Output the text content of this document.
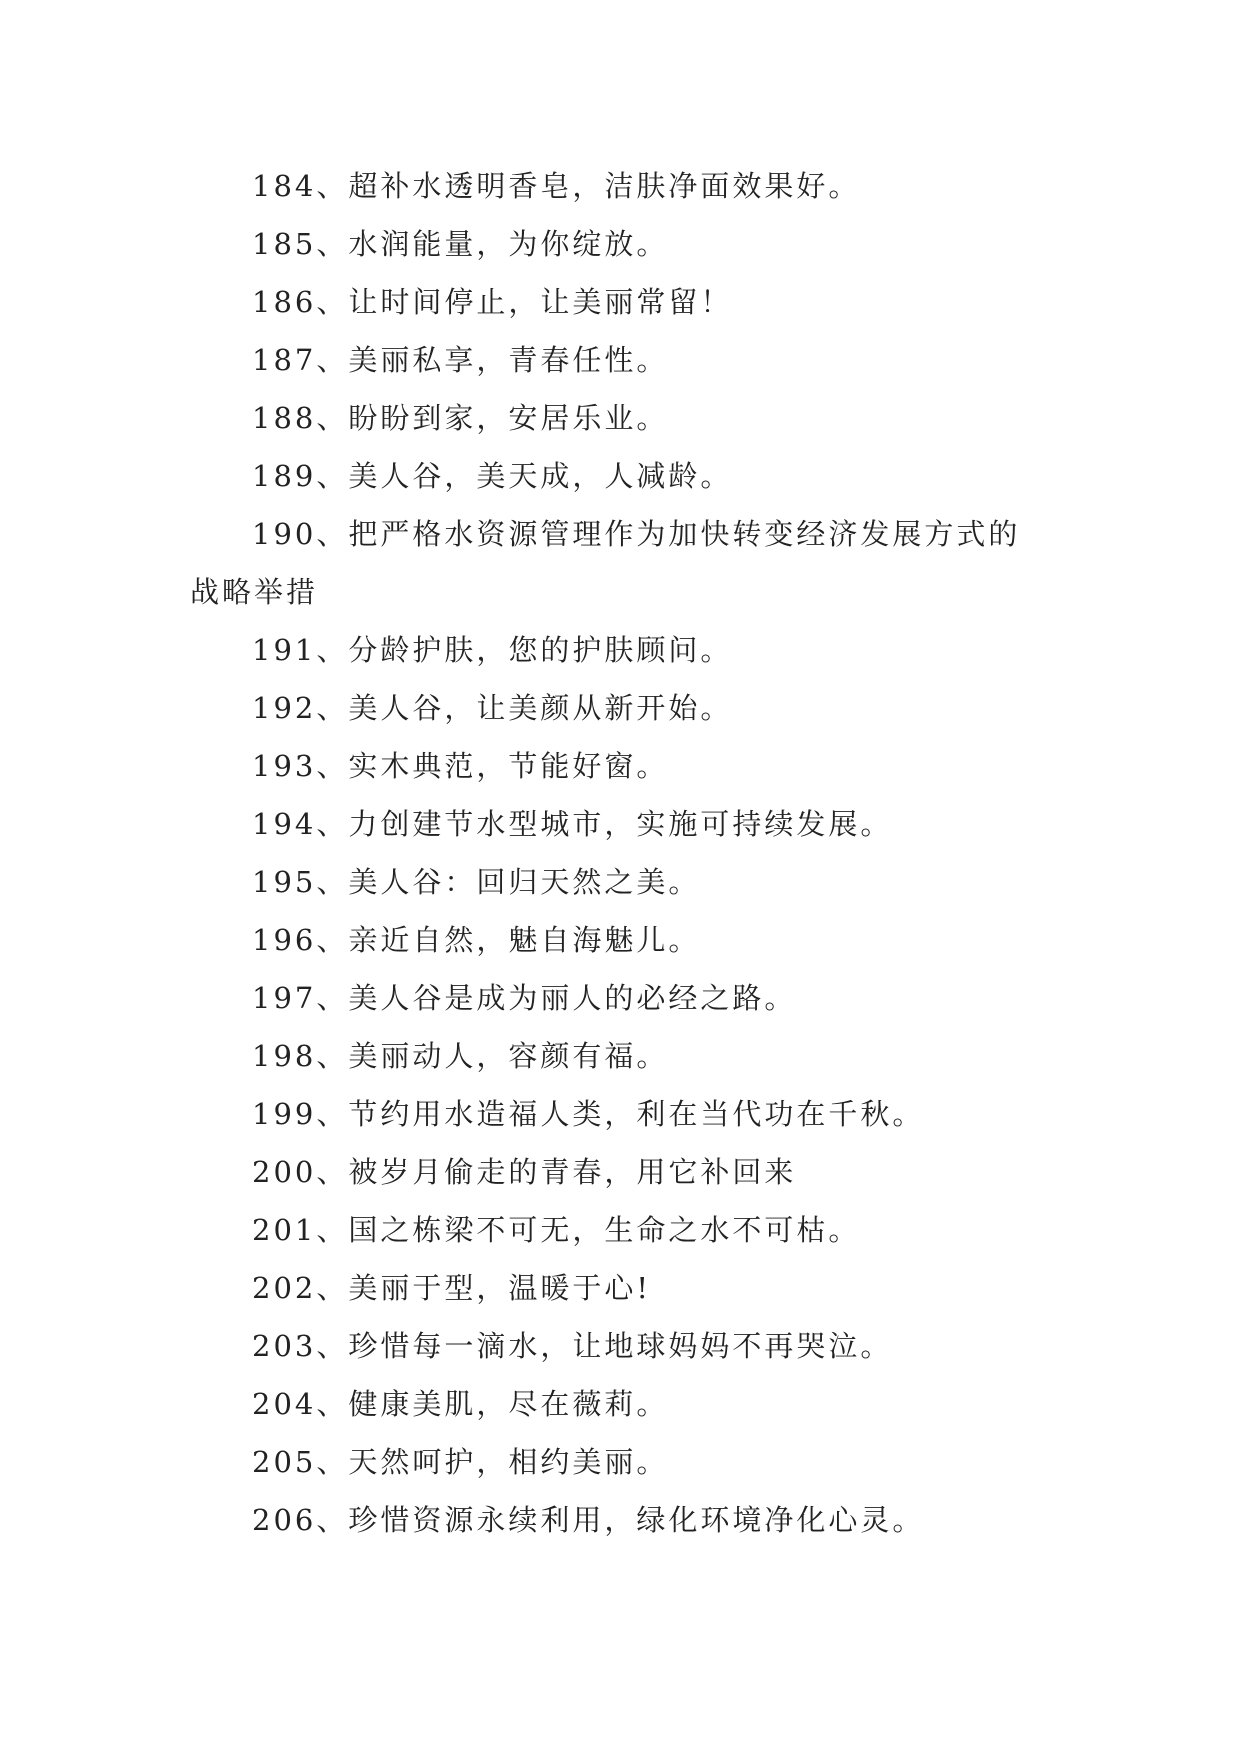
184、超补水透明香皂，洁肤净面效果好。
185、水润能量，为你绽放。
186、让时间停止，让美丽常留！
187、美丽私享，青春任性。
188、盼盼到家，安居乐业。
189、美人谷，美天成，人减龄。
190、把严格水资源管理作为加快转变经济发展方式的
战略举措
191、分龄护肤，您的护肤顾问。
192、美人谷，让美颜从新开始。
193、实木典范，节能好窗。
194、力创建节水型城市，实施可持续发展。
195、美人谷：回归天然之美。
196、亲近自然，魅自海魅儿。
197、美人谷是成为丽人的必经之路。
198、美丽动人，容颜有福。
199、节约用水造福人类，利在当代功在千秋。
200、被岁月偷走的青春，用它补回来
201、国之栋梁不可无，生命之水不可枯。
202、美丽于型，温暖于心!
203、珍惜每一滴水，让地球妈妈不再哭泣。
204、健康美肌，尽在薇莉。
205、天然呵护，相约美丽。
206、珍惜资源永续利用，绿化环境净化心灵。
